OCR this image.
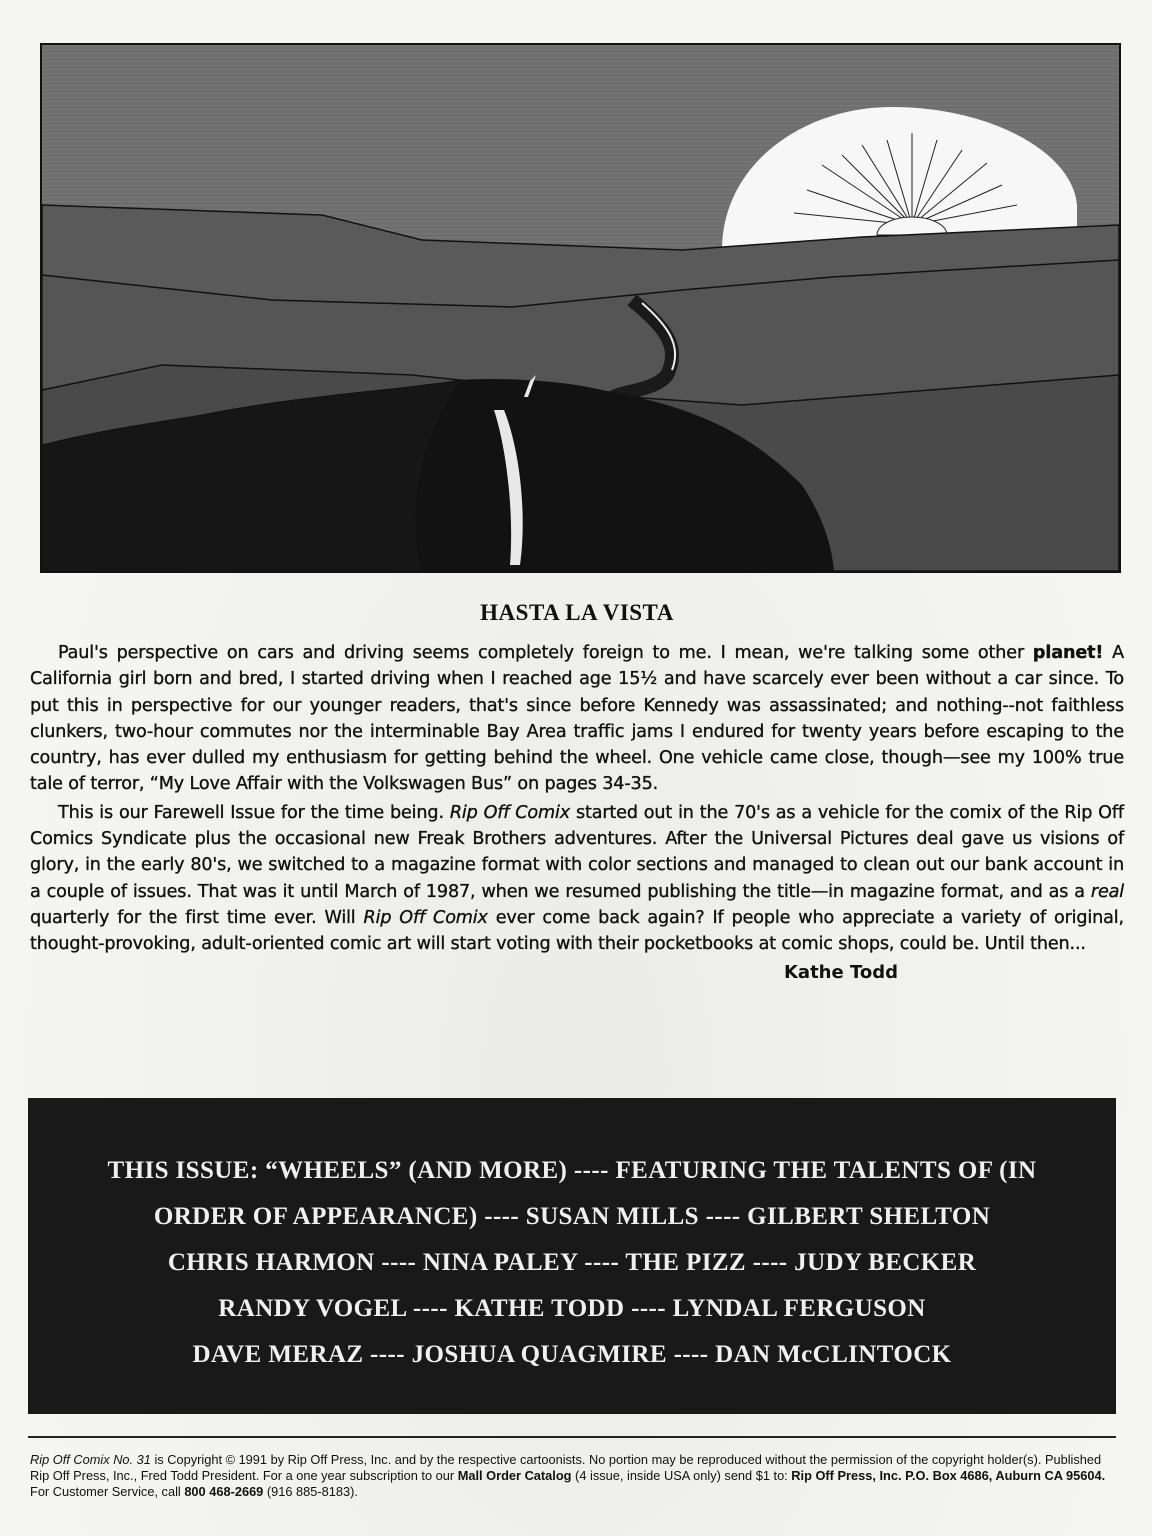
HASTA LA VISTA

Paul's perspective on cars and driving seems completely foreign to me. I mean, we're talking some other planet! A California girl born and bred, I started driving when I reached age 15½ and have scarcely ever been without a car since. To put this in perspective for our younger readers, that's since before Kennedy was assassinated; and nothing--not faithless clunkers, two-hour commutes nor the interminable Bay Area traffic jams I endured for twenty years before escaping to the country, has ever dulled my enthusiasm for getting behind the wheel. One vehicle came close, though—see my 100% true tale of terror, “My Love Affair with the Volkswagen Bus” on pages 34-35.

This is our Farewell Issue for the time being. Rip Off Comix started out in the 70's as a vehicle for the comix of the Rip Off Comics Syndicate plus the occasional new Freak Brothers adventures. After the Universal Pictures deal gave us visions of glory, in the early 80's, we switched to a magazine format with color sections and managed to clean out our bank account in a couple of issues. That was it until March of 1987, when we resumed publishing the title—in magazine format, and as a real quarterly for the first time ever. Will Rip Off Comix ever come back again? If people who appreciate a variety of original, thought-provoking, adult-oriented comic art will start voting with their pocketbooks at comic shops, could be. Until then...

Kathe Todd
THIS ISSUE: “WHEELS” (AND MORE) ---- FEATURING THE TALENTS OF (IN
ORDER OF APPEARANCE) ---- SUSAN MILLS ---- GILBERT SHELTON
CHRIS HARMON ---- NINA PALEY ---- THE PIZZ ---- JUDY BECKER
RANDY VOGEL ---- KATHE TODD ---- LYNDAL FERGUSON
DAVE MERAZ ---- JOSHUA QUAGMIRE ---- DAN McCLINTOCK
Rip Off Comix No. 31 is Copyright © 1991 by Rip Off Press, Inc. and by the respective cartoonists. No portion may be reproduced without the permission of the copyright holder(s). Published Rip Off Press, Inc., Fred Todd President. For a one year subscription to our Mall Order Catalog (4 issue, inside USA only) send $1 to: Rip Off Press, Inc. P.O. Box 4686, Auburn CA 95604. For Customer Service, call 800 468-2669 (916 885-8183).
